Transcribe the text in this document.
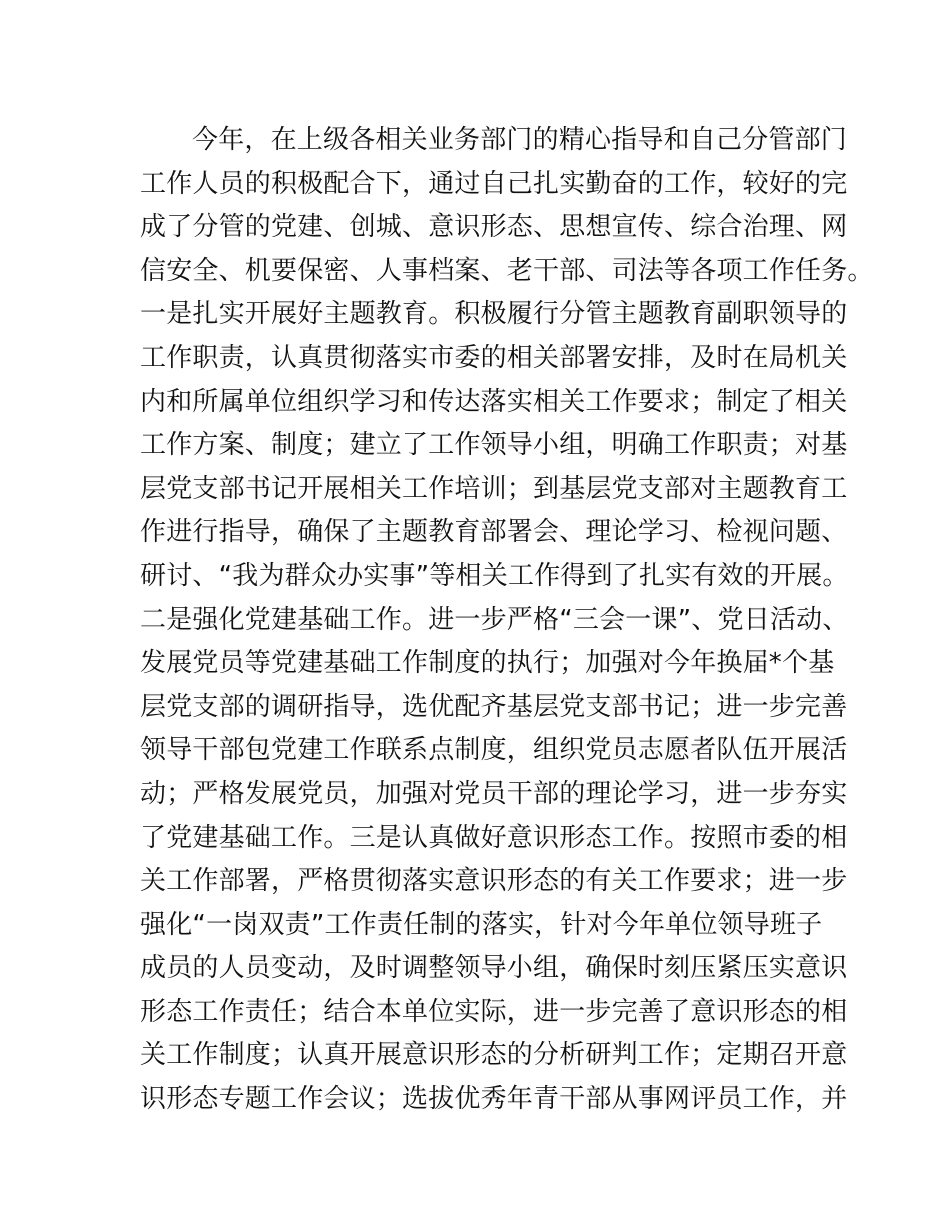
今年，在上级各相关业务部门的精心指导和自己分管部门
工作人员的积极配合下，通过自己扎实勤奋的工作，较好的完
成了分管的党建、创城、意识形态、思想宣传、综合治理、网
信安全、机要保密、人事档案、老干部、司法等各项工作任务。
一是扎实开展好主题教育。积极履行分管主题教育副职领导的
工作职责，认真贯彻落实市委的相关部署安排，及时在局机关
内和所属单位组织学习和传达落实相关工作要求；制定了相关
工作方案、制度；建立了工作领导小组，明确工作职责；对基
层党支部书记开展相关工作培训；到基层党支部对主题教育工
作进行指导，确保了主题教育部署会、理论学习、检视问题、
研讨、“我为群众办实事”等相关工作得到了扎实有效的开展。
二是强化党建基础工作。进一步严格“三会一课”、党日活动、
发展党员等党建基础工作制度的执行；加强对今年换届*个基
层党支部的调研指导，选优配齐基层党支部书记；进一步完善
领导干部包党建工作联系点制度，组织党员志愿者队伍开展活
动；严格发展党员，加强对党员干部的理论学习，进一步夯实
了党建基础工作。三是认真做好意识形态工作。按照市委的相
关工作部署，严格贯彻落实意识形态的有关工作要求；进一步
强化“一岗双责”工作责任制的落实，针对今年单位领导班子
成员的人员变动，及时调整领导小组，确保时刻压紧压实意识
形态工作责任；结合本单位实际，进一步完善了意识形态的相
关工作制度；认真开展意识形态的分析研判工作；定期召开意
识形态专题工作会议；选拔优秀年青干部从事网评员工作，并
